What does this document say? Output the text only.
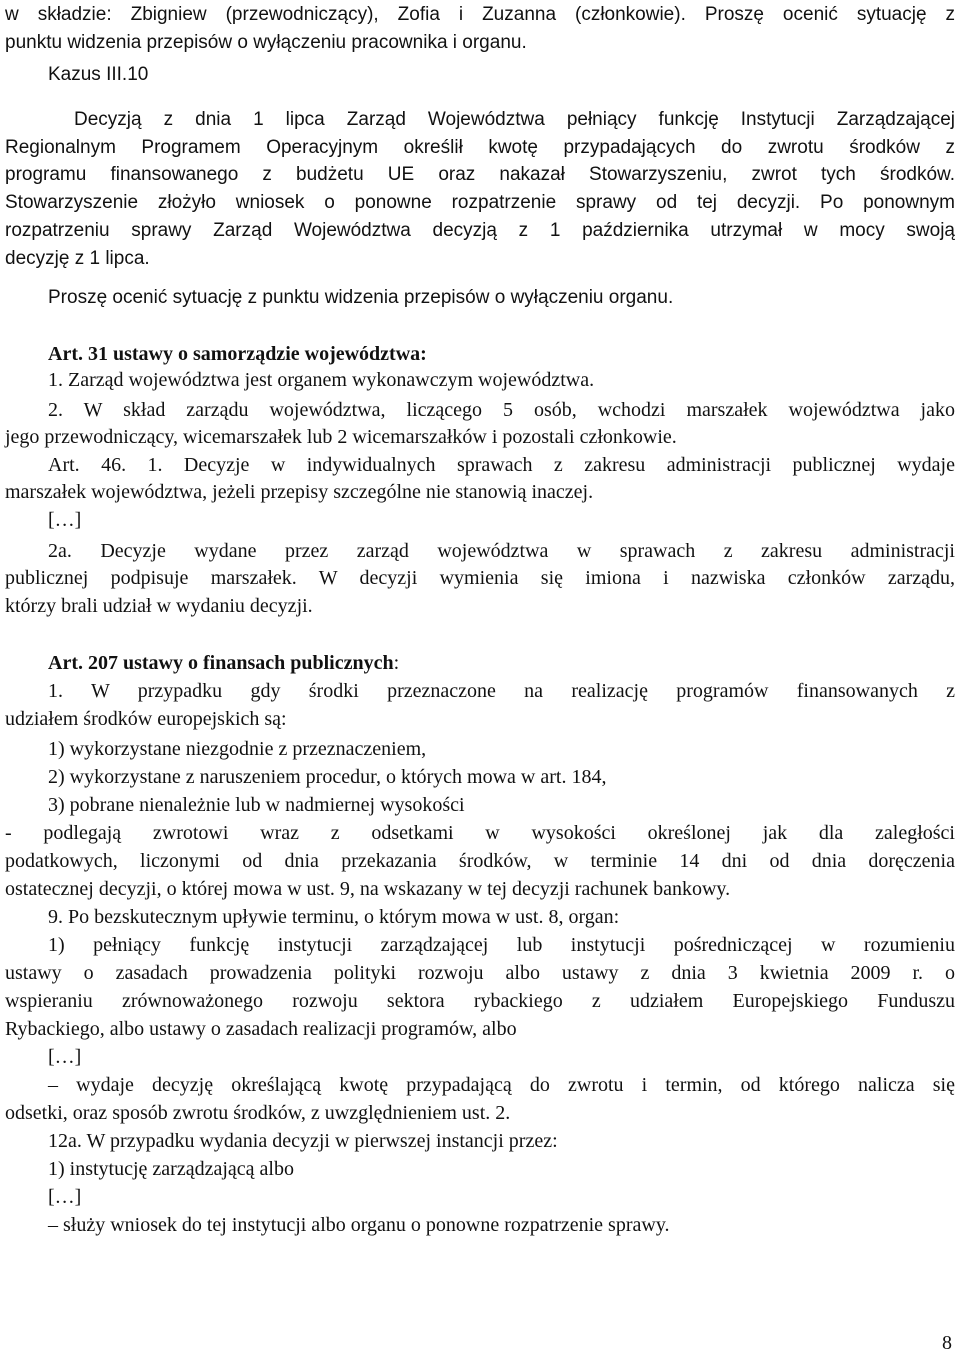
w składzie: Zbigniew (przewodniczący), Zofia i Zuzanna (członkowie). Proszę ocenić sytuację z
punktu widzenia przepisów o wyłączeniu pracownika i organu.
Kazus III.10
Decyzją z dnia 1 lipca Zarząd Województwa pełniący funkcję Instytucji Zarządzającej
Regionalnym Programem Operacyjnym określił kwotę przypadających do zwrotu środków z
programu finansowanego z budżetu UE oraz nakazał Stowarzyszeniu, zwrot tych środków.
Stowarzyszenie złożyło wniosek o ponowne rozpatrzenie sprawy od tej decyzji. Po ponownym
rozpatrzeniu sprawy Zarząd Województwa decyzją z 1 października utrzymał w mocy swoją
decyzję z 1 lipca.
Proszę ocenić sytuację z punktu widzenia przepisów o wyłączeniu organu.
Art. 31 ustawy o samorządzie województwa:
1. Zarząd województwa jest organem wykonawczym województwa.
2. W skład zarządu województwa, liczącego 5 osób, wchodzi marszałek województwa jako
jego przewodniczący, wicemarszałek lub 2 wicemarszałków i pozostali członkowie.
Art. 46. 1. Decyzje w indywidualnych sprawach z zakresu administracji publicznej wydaje
marszałek województwa, jeżeli przepisy szczególne nie stanowią inaczej.
[…]
2a. Decyzje wydane przez zarząd województwa w sprawach z zakresu administracji
publicznej podpisuje marszałek. W decyzji wymienia się imiona i nazwiska członków zarządu,
którzy brali udział w wydaniu decyzji.
Art. 207 ustawy o finansach publicznych:
1. W przypadku gdy środki przeznaczone na realizację programów finansowanych z
udziałem środków europejskich są:
1) wykorzystane niezgodnie z przeznaczeniem,
2) wykorzystane z naruszeniem procedur, o których mowa w art. 184,
3) pobrane nienależnie lub w nadmiernej wysokości
- podlegają zwrotowi wraz z odsetkami w wysokości określonej jak dla zaległości
podatkowych, liczonymi od dnia przekazania środków, w terminie 14 dni od dnia doręczenia
ostatecznej decyzji, o której mowa w ust. 9, na wskazany w tej decyzji rachunek bankowy.
9. Po bezskutecznym upływie terminu, o którym mowa w ust. 8, organ:
1) pełniący funkcję instytucji zarządzającej lub instytucji pośredniczącej w rozumieniu
ustawy o zasadach prowadzenia polityki rozwoju albo ustawy z dnia 3 kwietnia 2009 r. o
wspieraniu zrównoważonego rozwoju sektora rybackiego z udziałem Europejskiego Funduszu
Rybackiego, albo ustawy o zasadach realizacji programów, albo
[…]
– wydaje decyzję określającą kwotę przypadającą do zwrotu i termin, od którego nalicza się
odsetki, oraz sposób zwrotu środków, z uwzględnieniem ust. 2.
12a. W przypadku wydania decyzji w pierwszej instancji przez:
1) instytucję zarządzającą albo
[…]
– służy wniosek do tej instytucji albo organu o ponowne rozpatrzenie sprawy.
8
